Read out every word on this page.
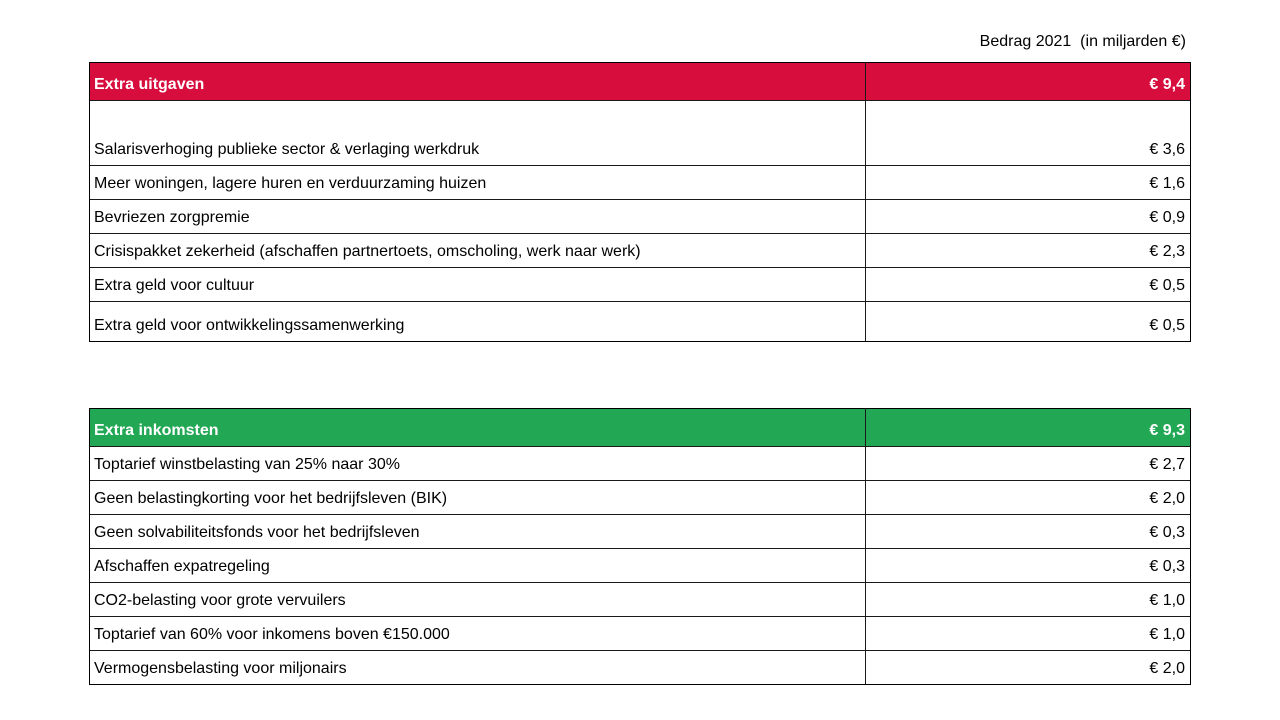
Bedrag 2021  (in miljarden €)
Extra uitgaven	€ 9,4
Salarisverhoging publieke sector & verlaging werkdruk	€ 3,6
Meer woningen, lagere huren en verduurzaming huizen	€ 1,6
Bevriezen zorgpremie	€ 0,9
Crisispakket zekerheid (afschaffen partnertoets, omscholing, werk naar werk)	€ 2,3
Extra geld voor cultuur	€ 0,5
Extra geld voor ontwikkelingssamenwerking	€ 0,5
Extra inkomsten	€ 9,3
Toptarief winstbelasting van 25% naar 30%	€ 2,7
Geen belastingkorting voor het bedrijfsleven (BIK)	€ 2,0
Geen solvabiliteitsfonds voor het bedrijfsleven	€ 0,3
Afschaffen expatregeling	€ 0,3
CO2-belasting voor grote vervuilers	€ 1,0
Toptarief van 60% voor inkomens boven €150.000	€ 1,0
Vermogensbelasting voor miljonairs	€ 2,0
